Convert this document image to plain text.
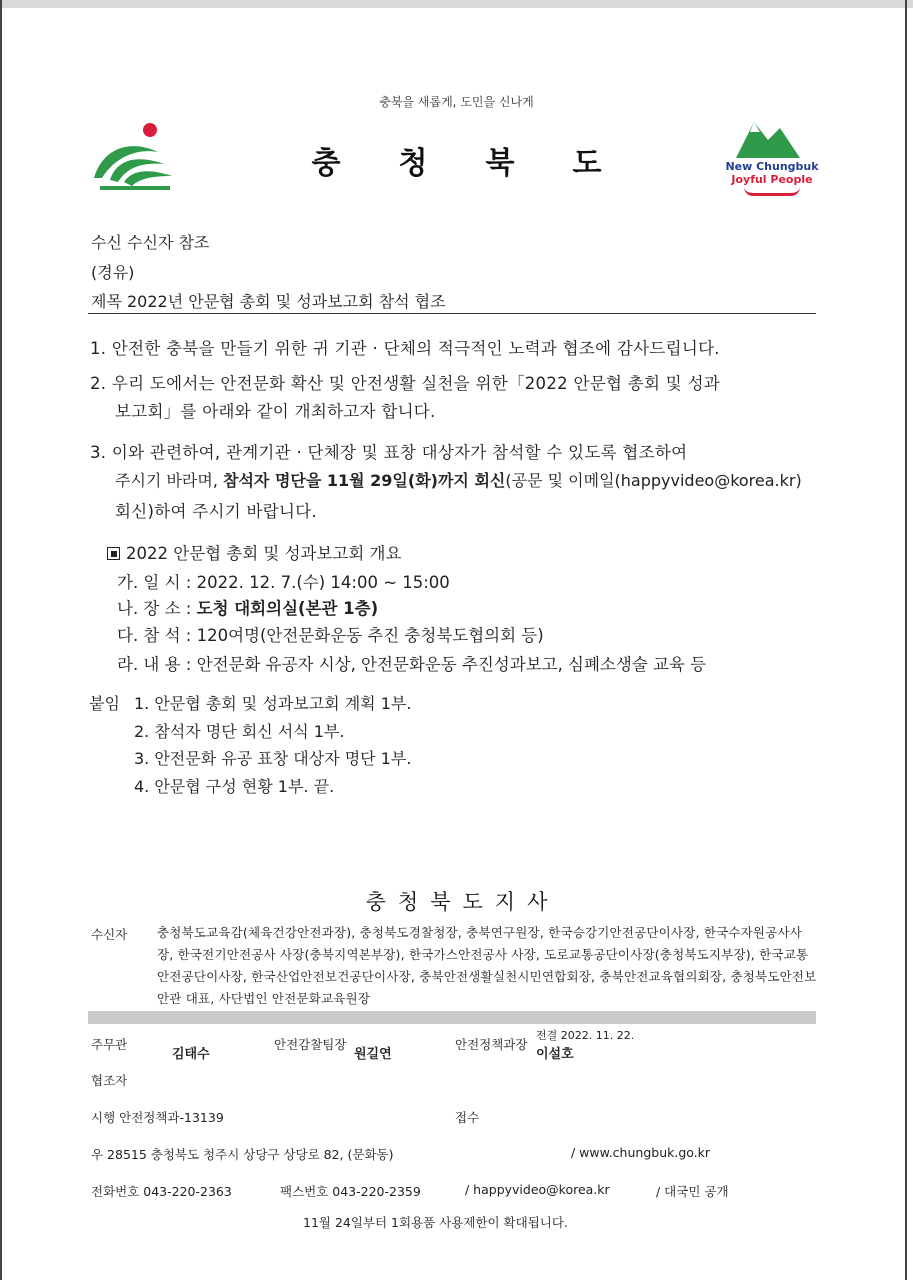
충북을 새롭게, 도민을 신나게
충청북도	New Chungbuk
Joyful People
수신 수신자 참조
(경유)
제목 2022년 안문협 총회 및 성과보고회 참석 협조
1. 안전한 충북을 만들기 위한 귀 기관 · 단체의 적극적인 노력과 협조에 감사드립니다.
2. 우리 도에서는 안전문화 확산 및 안전생활 실천을 위한「2022 안문협 총회 및 성과
보고회」를 아래와 같이 개최하고자 합니다.
3. 이와 관련하여, 관계기관 · 단체장 및 표창 대상자가 참석할 수 있도록 협조하여
주시기 바라며, 참석자 명단을 11월 29일(화)까지 회신(공문 및 이메일(happyvideo@korea.kr)
회신)하여 주시기 바랍니다.
2022 안문협 총회 및 성과보고회 개요
가. 일 시 : 2022. 12. 7.(수) 14:00 ~ 15:00
나. 장 소 : 도청 대회의실(본관 1층)
다. 참 석 : 120여명(안전문화운동 추진 충청북도협의회 등)
라. 내 용 : 안전문화 유공자 시상, 안전문화운동 추진성과보고, 심폐소생술 교육 등
붙임 1. 안문협 총회 및 성과보고회 계획 1부.
2. 참석자 명단 회신 서식 1부.
3. 안전문화 유공 표창 대상자 명단 1부.
4. 안문협 구성 현황 1부. 끝.
충청북도지사
수신자 충청북도교육감(체육건강안전과장), 충청북도경찰청장, 충북연구원장, 한국승강기안전공단이사장, 한국수자원공사사장, 한국전기안전공사 사장(충북지역본부장), 한국가스안전공사 사장, 도로교통공단이사장(충청북도지부장), 한국교통안전공단이사장, 한국산업안전보건공단이사장, 충북안전생활실천시민연합회장, 충북안전교육협의회장, 충청북도안전보안관 대표, 사단법인 안전문화교육원장
주무관
김태수
안전감찰팀장
원길연
안전정책과장
전결 2022. 11. 22.
이설호
협조자
시행 안전정책과-13139	접수
우 28515 충청북도 청주시 상당구 상당로 82, (문화동)	/ www.chungbuk.go.kr
전화번호 043-220-2363	팩스번호 043-220-2359	/ happyvideo@korea.kr	/ 대국민 공개
11월 24일부터 1회용품 사용제한이 확대됩니다.
